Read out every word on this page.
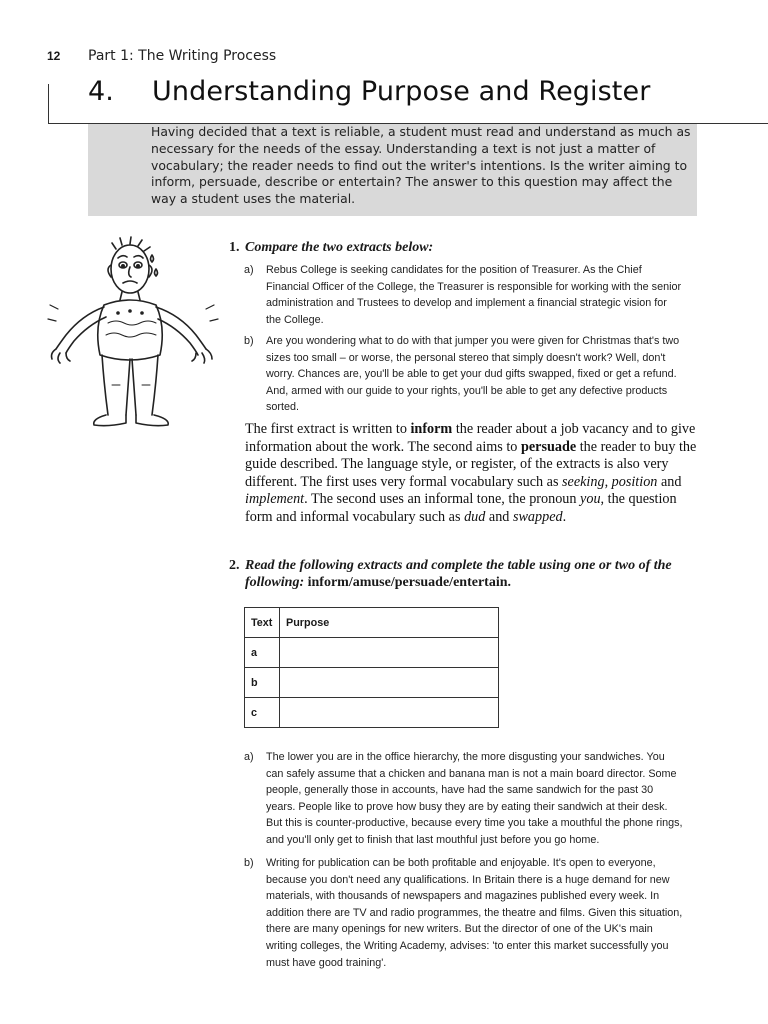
12 Part 1: The Writing Process
4. Understanding Purpose and Register

Having decided that a text is reliable, a student must read and understand as much as necessary for the needs of the essay. Understanding a text is not just a matter of vocabulary; the reader needs to find out the writer's intentions. Is the writer aiming to inform, persuade, describe or entertain? The answer to this question may affect the way a student uses the material.

1. Compare the two extracts below:
a) Rebus College is seeking candidates for the position of Treasurer. As the Chief Financial Officer of the College, the Treasurer is responsible for working with the senior administration and Trustees to develop and implement a financial strategic vision for the College.
b) Are you wondering what to do with that jumper you were given for Christmas that's two sizes too small – or worse, the personal stereo that simply doesn't work? Well, don't worry. Chances are, you'll be able to get your dud gifts swapped, fixed or get a refund. And, armed with our guide to your rights, you'll be able to get any defective products sorted.
The first extract is written to inform the reader about a job vacancy and to give information about the work. The second aims to persuade the reader to buy the guide described. The language style, or register, of the extracts is also very different. The first uses very formal vocabulary such as seeking, position and implement. The second uses an informal tone, the pronoun you, the question form and informal vocabulary such as dud and swapped.
2. Read the following extracts and complete the table using one or two of the
following: inform/amuse/persuade/entertain.
Text	Purpose
a	
b	
c	
a) The lower you are in the office hierarchy, the more disgusting your sandwiches. You can safely assume that a chicken and banana man is not a main board director. Some people, generally those in accounts, have had the same sandwich for the past 30 years. People like to prove how busy they are by eating their sandwich at their desk. But this is counter-productive, because every time you take a mouthful the phone rings, and you'll only get to finish that last mouthful just before you go home.
b) Writing for publication can be both profitable and enjoyable. It's open to everyone, because you don't need any qualifications. In Britain there is a huge demand for new materials, with thousands of newspapers and magazines published every week. In addition there are TV and radio programmes, the theatre and films. Given this situation, there are many openings for new writers. But the director of one of the UK's main writing colleges, the Writing Academy, advises: 'to enter this market successfully you must have good training'.
